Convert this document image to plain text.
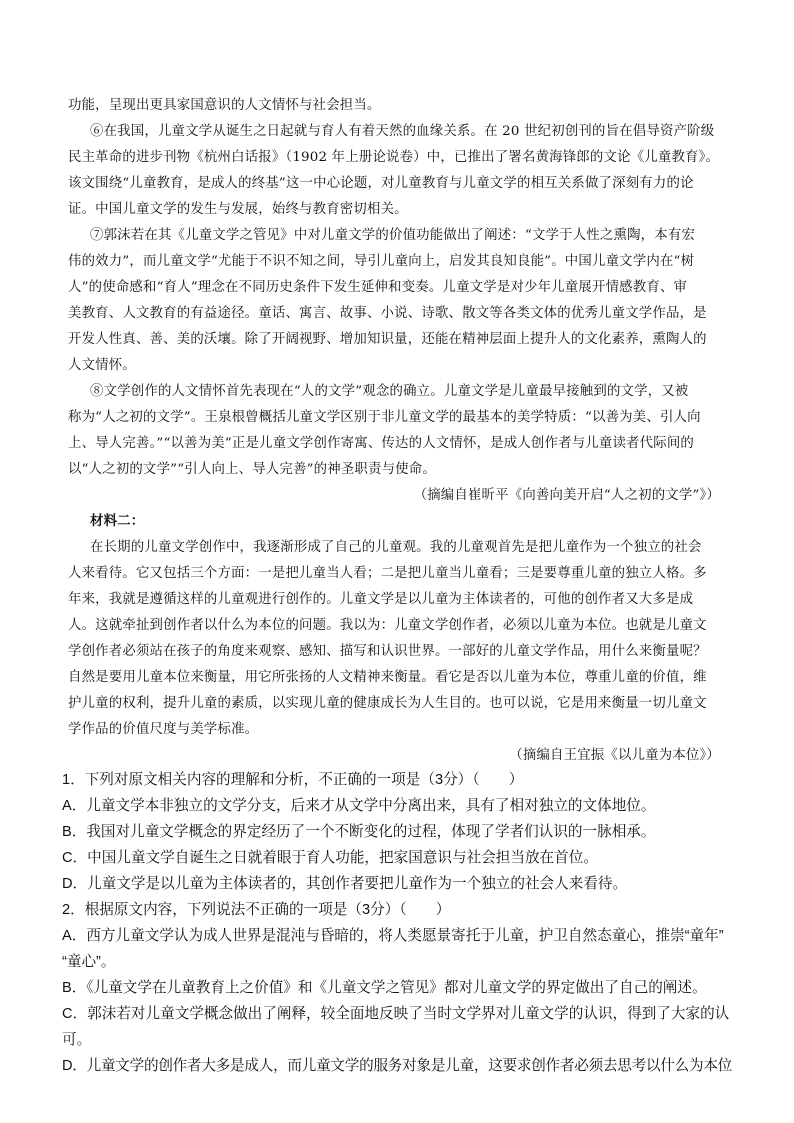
功能，呈现出更具家国意识的人文情怀与社会担当。
⑥在我国，儿童文学从诞生之日起就与育人有着天然的血缘关系。在 20 世纪初创刊的旨在倡导资产阶级
民主革命的进步刊物《杭州白话报》（1902 年上册论说卷）中，已推出了署名黄海锋郎的文论《儿童教育》。
该文围绕“儿童教育，是成人的终基”这一中心论题，对儿童教育与儿童文学的相互关系做了深刻有力的论
证。中国儿童文学的发生与发展，始终与教育密切相关。
⑦郭沫若在其《儿童文学之管见》中对儿童文学的价值功能做出了阐述：“文学于人性之熏陶，本有宏
伟的效力”，而儿童文学“尤能于不识不知之间，导引儿童向上，启发其良知良能”。中国儿童文学内在“树
人”的使命感和“育人”理念在不同历史条件下发生延伸和变奏。儿童文学是对少年儿童展开情感教育、审
美教育、人文教育的有益途径。童话、寓言、故事、小说、诗歌、散文等各类文体的优秀儿童文学作品，是
开发人性真、善、美的沃壤。除了开阔视野、增加知识量，还能在精神层面上提升人的文化素养，熏陶人的
人文情怀。
⑧文学创作的人文情怀首先表现在“人的文学”观念的确立。儿童文学是儿童最早接触到的文学，又被
称为“人之初的文学”。王泉根曾概括儿童文学区别于非儿童文学的最基本的美学特质：“以善为美、引人向
上、导人完善。”“以善为美”正是儿童文学创作寄寓、传达的人文情怀，是成人创作者与儿童读者代际间的
以“人之初的文学”“引人向上、导人完善”的神圣职责与使命。
（摘编自崔昕平《向善向美开启“人之初的文学”》）
材料二：
在长期的儿童文学创作中，我逐渐形成了自己的儿童观。我的儿童观首先是把儿童作为一个独立的社会
人来看待。它又包括三个方面：一是把儿童当人看；二是把儿童当儿童看；三是要尊重儿童的独立人格。多
年来，我就是遵循这样的儿童观进行创作的。儿童文学是以儿童为主体读者的，可他的创作者又大多是成
人。这就牵扯到创作者以什么为本位的问题。我以为：儿童文学创作者，必须以儿童为本位。也就是儿童文
学创作者必须站在孩子的角度来观察、感知、描写和认识世界。一部好的儿童文学作品，用什么来衡量呢？
自然是要用儿童本位来衡量，用它所张扬的人文精神来衡量。看它是否以儿童为本位，尊重儿童的价值，维
护儿童的权利，提升儿童的素质，以实现儿童的健康成长为人生目的。也可以说，它是用来衡量一切儿童文
学作品的价值尺度与美学标准。
（摘编自王宜振《以儿童为本位》）
1．下列对原文相关内容的理解和分析，不正确的一项是（3分）（　　）
A．儿童文学本非独立的文学分支，后来才从文学中分离出来，具有了相对独立的文体地位。
B．我国对儿童文学概念的界定经历了一个不断变化的过程，体现了学者们认识的一脉相承。
C．中国儿童文学自诞生之日就着眼于育人功能，把家国意识与社会担当放在首位。
D．儿童文学是以儿童为主体读者的，其创作者要把儿童作为一个独立的社会人来看待。
2．根据原文内容，下列说法不正确的一项是（3分）（　　）
A．西方儿童文学认为成人世界是混沌与昏暗的，将人类愿景寄托于儿童，护卫自然态童心，推崇“童年”
“童心”。
B．《儿童文学在儿童教育上之价值》和《儿童文学之管见》都对儿童文学的界定做出了自己的阐述。
C．郭沫若对儿童文学概念做出了阐释，较全面地反映了当时文学界对儿童文学的认识，得到了大家的认
可。
D．儿童文学的创作者大多是成人，而儿童文学的服务对象是儿童，这要求创作者必须去思考以什么为本位
